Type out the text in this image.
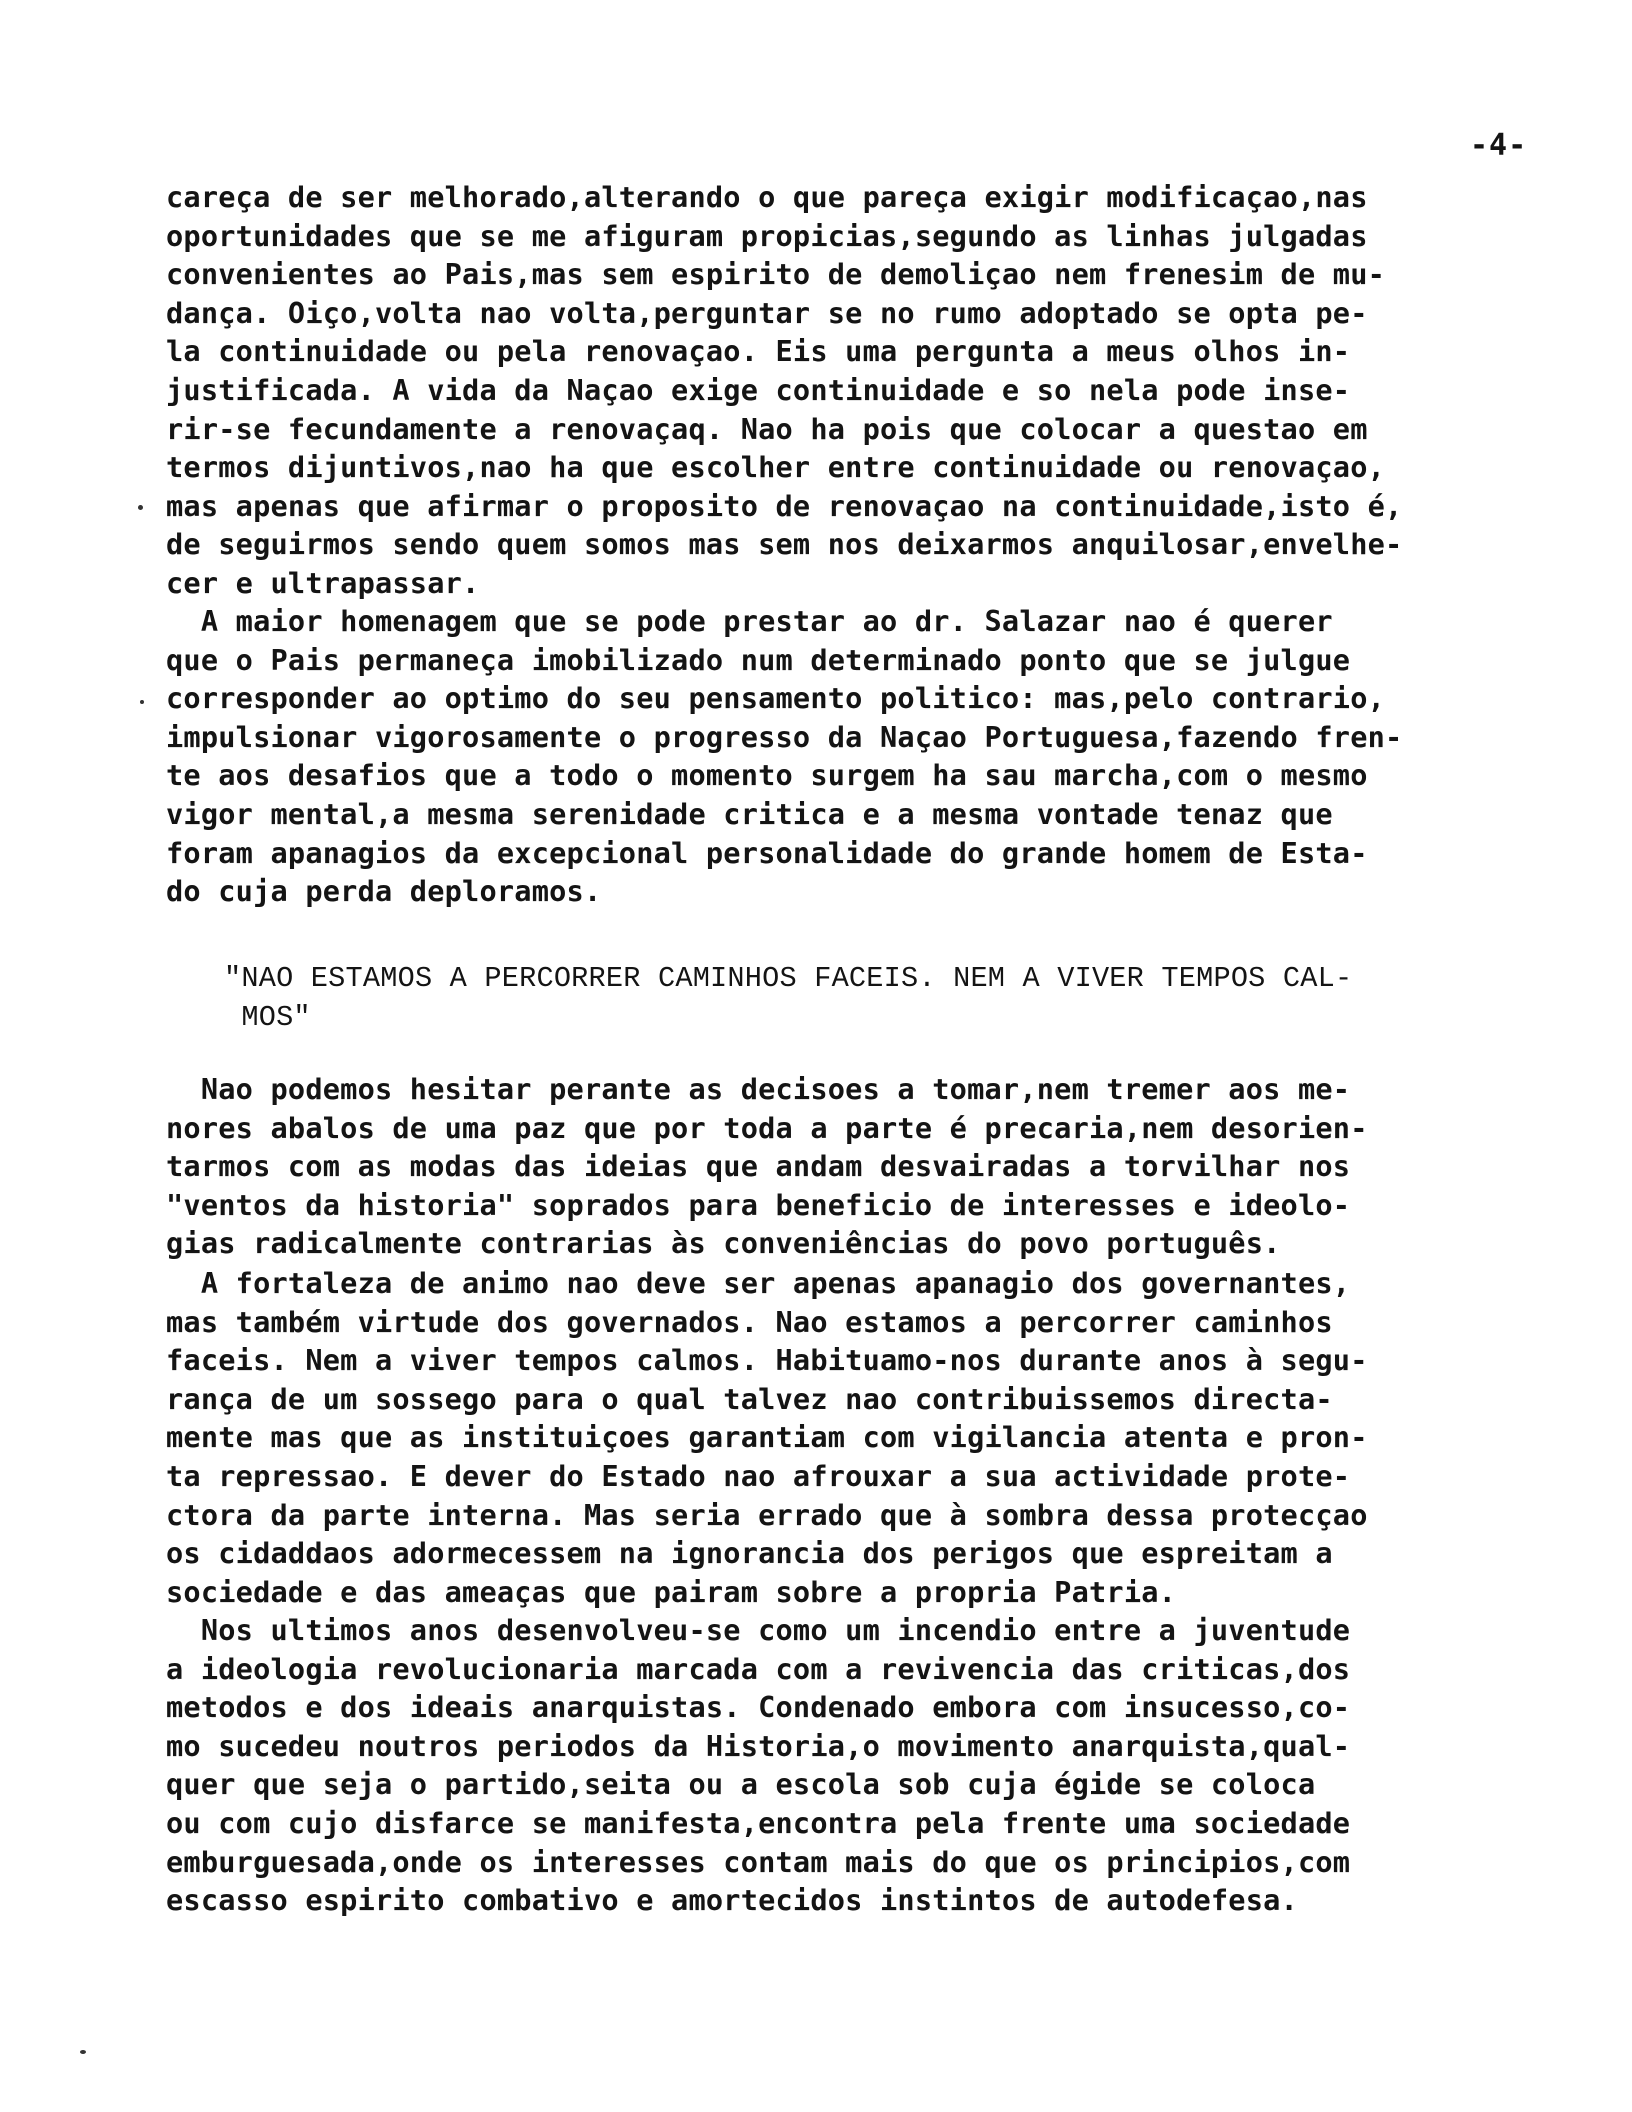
-4-
careça de ser melhorado,alterando o que pareça exigir modificaçao,nas
oportunidades que se me afiguram propicias,segundo as linhas julgadas
convenientes ao Pais,mas sem espirito de demoliçao nem frenesim de mu-
dança. Oiço,volta nao volta,perguntar se no rumo adoptado se opta pe-
la continuidade ou pela renovaçao. Eis uma pergunta a meus olhos in-
justificada. A vida da Naçao exige continuidade e so nela pode inse-
rir-se fecundamente a renovaçaq. Nao ha pois que colocar a questao em
termos dijuntivos,nao ha que escolher entre continuidade ou renovaçao,
mas apenas que afirmar o proposito de renovaçao na continuidade,isto é,
de seguirmos sendo quem somos mas sem nos deixarmos anquilosar,envelhe-
cer e ultrapassar.
A maior homenagem que se pode prestar ao dr. Salazar nao é querer
que o Pais permaneça imobilizado num determinado ponto que se julgue
corresponder ao optimo do seu pensamento politico: mas,pelo contrario,
impulsionar vigorosamente o progresso da Naçao Portuguesa,fazendo fren-
te aos desafios que a todo o momento surgem ha sau marcha,com o mesmo
vigor mental,a mesma serenidade critica e a mesma vontade tenaz que
foram apanagios da excepcional personalidade do grande homem de Esta-
do cuja perda deploramos.
"NAO ESTAMOS A PERCORRER CAMINHOS FACEIS. NEM A VIVER TEMPOS CAL-
MOS"
Nao podemos hesitar perante as decisoes a tomar,nem tremer aos me-
nores abalos de uma paz que por toda a parte é precaria,nem desorien-
tarmos com as modas das ideias que andam desvairadas a torvilhar nos
"ventos da historia" soprados para beneficio de interesses e ideolo-
gias radicalmente contrarias às conveniências do povo português.
A fortaleza de animo nao deve ser apenas apanagio dos governantes,
mas também virtude dos governados. Nao estamos a percorrer caminhos
faceis. Nem a viver tempos calmos. Habituamo-nos durante anos à segu-
rança de um sossego para o qual talvez nao contribuissemos directa-
mente mas que as instituiçoes garantiam com vigilancia atenta e pron-
ta repressao. E dever do Estado nao afrouxar a sua actividade prote-
ctora da parte interna. Mas seria errado que à sombra dessa protecçao
os cidaddaos adormecessem na ignorancia dos perigos que espreitam a
sociedade e das ameaças que pairam sobre a propria Patria.
Nos ultimos anos desenvolveu-se como um incendio entre a juventude
a ideologia revolucionaria marcada com a revivencia das criticas,dos
metodos e dos ideais anarquistas. Condenado embora com insucesso,co-
mo sucedeu noutros periodos da Historia,o movimento anarquista,qual-
quer que seja o partido,seita ou a escola sob cuja égide se coloca
ou com cujo disfarce se manifesta,encontra pela frente uma sociedade
emburguesada,onde os interesses contam mais do que os principios,com
escasso espirito combativo e amortecidos instintos de autodefesa.
